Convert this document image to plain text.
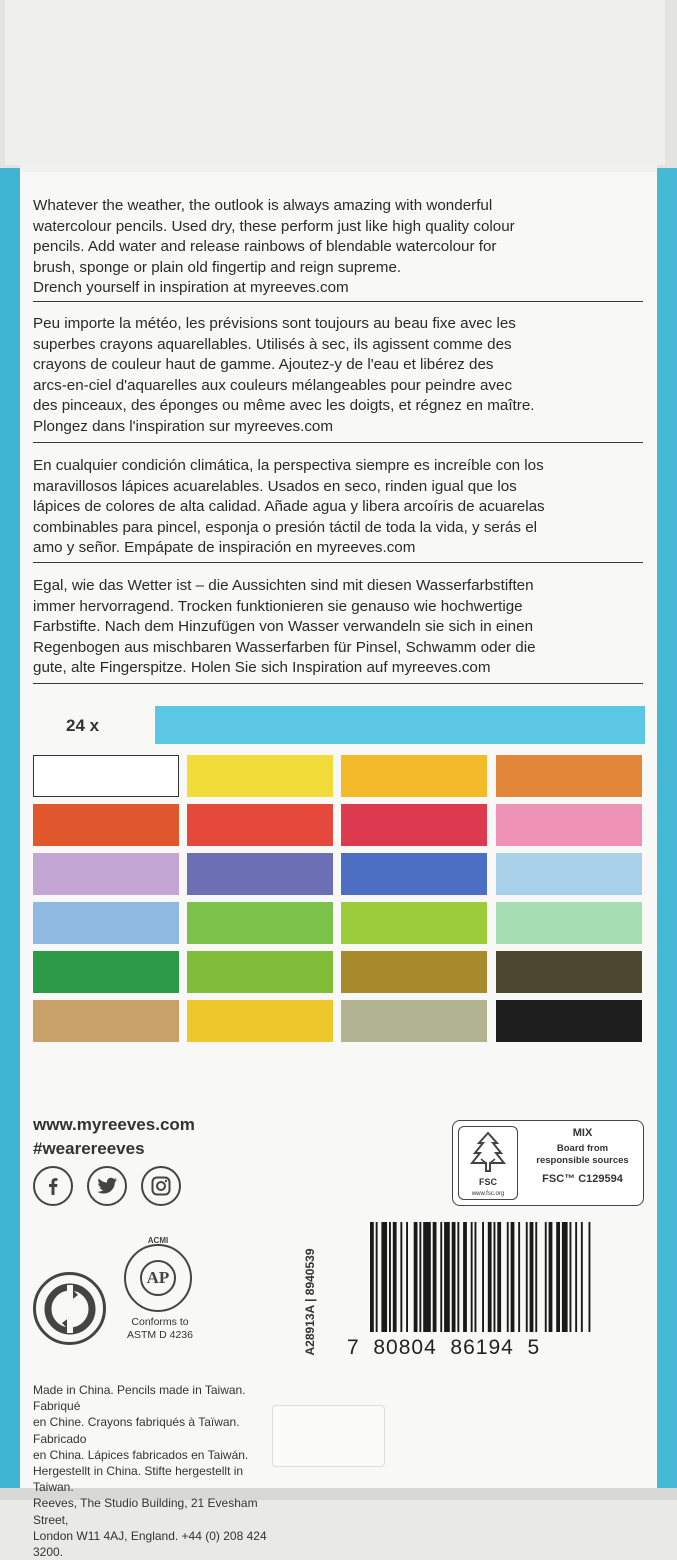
Whatever the weather, the outlook is always amazing with wonderful
watercolour pencils. Used dry, these perform just like high quality colour
pencils. Add water and release rainbows of blendable watercolour for
brush, sponge or plain old fingertip and reign supreme.
Drench yourself in inspiration at myreeves.com
Peu importe la météo, les prévisions sont toujours au beau fixe avec les
superbes crayons aquarellables. Utilisés à sec, ils agissent comme des
crayons de couleur haut de gamme. Ajoutez-y de l'eau et libérez des
arcs-en-ciel d'aquarelles aux couleurs mélangeables pour peindre avec
des pinceaux, des éponges ou même avec les doigts, et régnez en maître.
Plongez dans l'inspiration sur myreeves.com
En cualquier condición climática, la perspectiva siempre es increíble con los
maravillosos lápices acuarelables. Usados en seco, rinden igual que los
lápices de colores de alta calidad. Añade agua y libera arcoíris de acuarelas
combinables para pincel, esponja o presión táctil de toda la vida, y serás el
amo y señor. Empápate de inspiración en myreeves.com
Egal, wie das Wetter ist – die Aussichten sind mit diesen Wasserfarbstiften
immer hervorragend. Trocken funktionieren sie genauso wie hochwertige
Farbstifte. Nach dem Hinzufügen von Wasser verwandeln sie sich in einen
Regenbogen aus mischbaren Wasserfarben für Pinsel, Schwamm oder die
gute, alte Fingerspitze. Holen Sie sich Inspiration auf myreeves.com
24 x
www.myreeves.com
#wearereeves
FSC
www.fsc.org
MIX
Board from
responsible sources
FSC™ C129594
ACMI
AP
Conforms to
ASTM D 4236
Made in China. Pencils made in Taiwan. Fabriqué
en Chine. Crayons fabriqués à Taïwan. Fabricado
en China. Lápices fabricados en Taiwán.
Hergestellt in China. Stifte hergestellt in Taiwan.
Reeves, The Studio Building, 21 Evesham Street,
London W11 4AJ, England. +44 (0) 208 424 3200.
A28913A | 8940539 7  80804  86194  5
